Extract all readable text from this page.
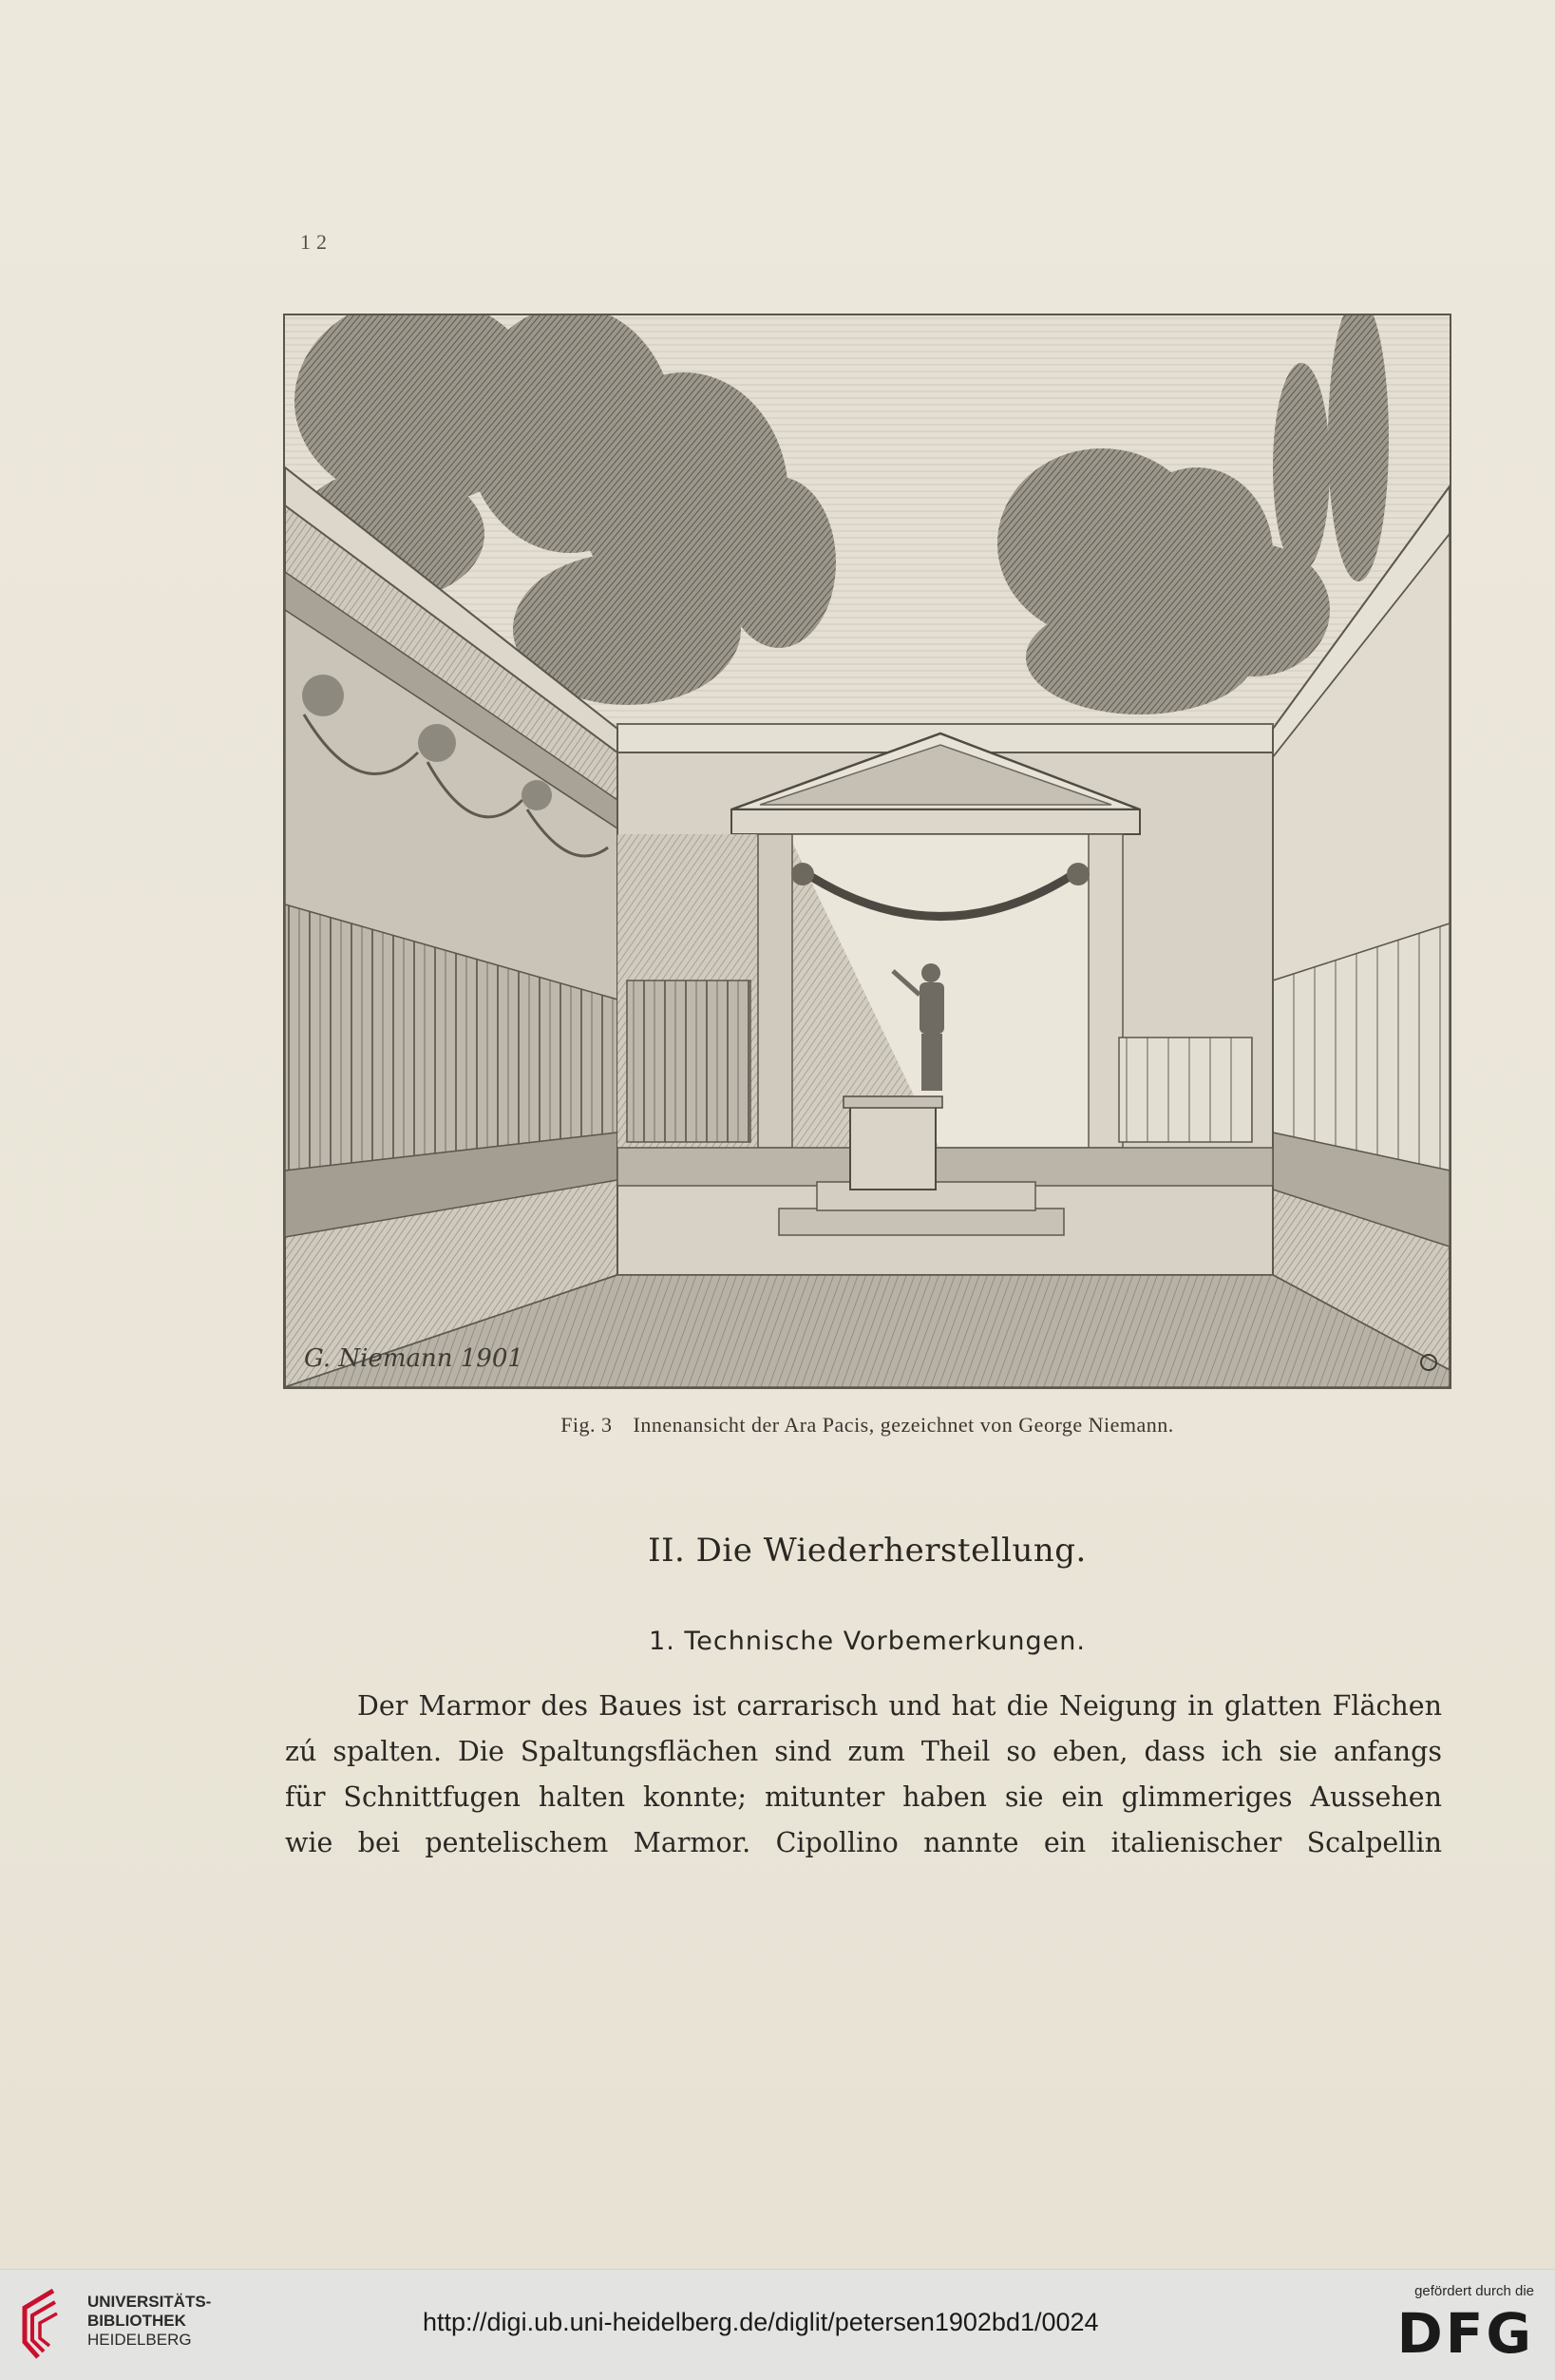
12
G. Niemann 1901
Fig. 3 Innenansicht der Ara Pacis, gezeichnet von George Niemann.
II. Die Wiederherstellung.
1. Technische Vorbemerkungen.
Der Marmor des Baues ist carrarisch und hat die Neigung in glatten Flächen
zú spalten. Die Spaltungsflächen sind zum Theil so eben, dass ich sie anfangs
für Schnittfugen halten konnte; mitunter haben sie ein glimmeriges Aussehen
wie bei pentelischem Marmor. Cipollino nannte ein italienischer Scalpellin
UNIVERSITÄTS-
BIBLIOTHEK
HEIDELBERG
http://digi.ub.uni-heidelberg.de/diglit/petersen1902bd1/0024
gefördert durch die
DFG
